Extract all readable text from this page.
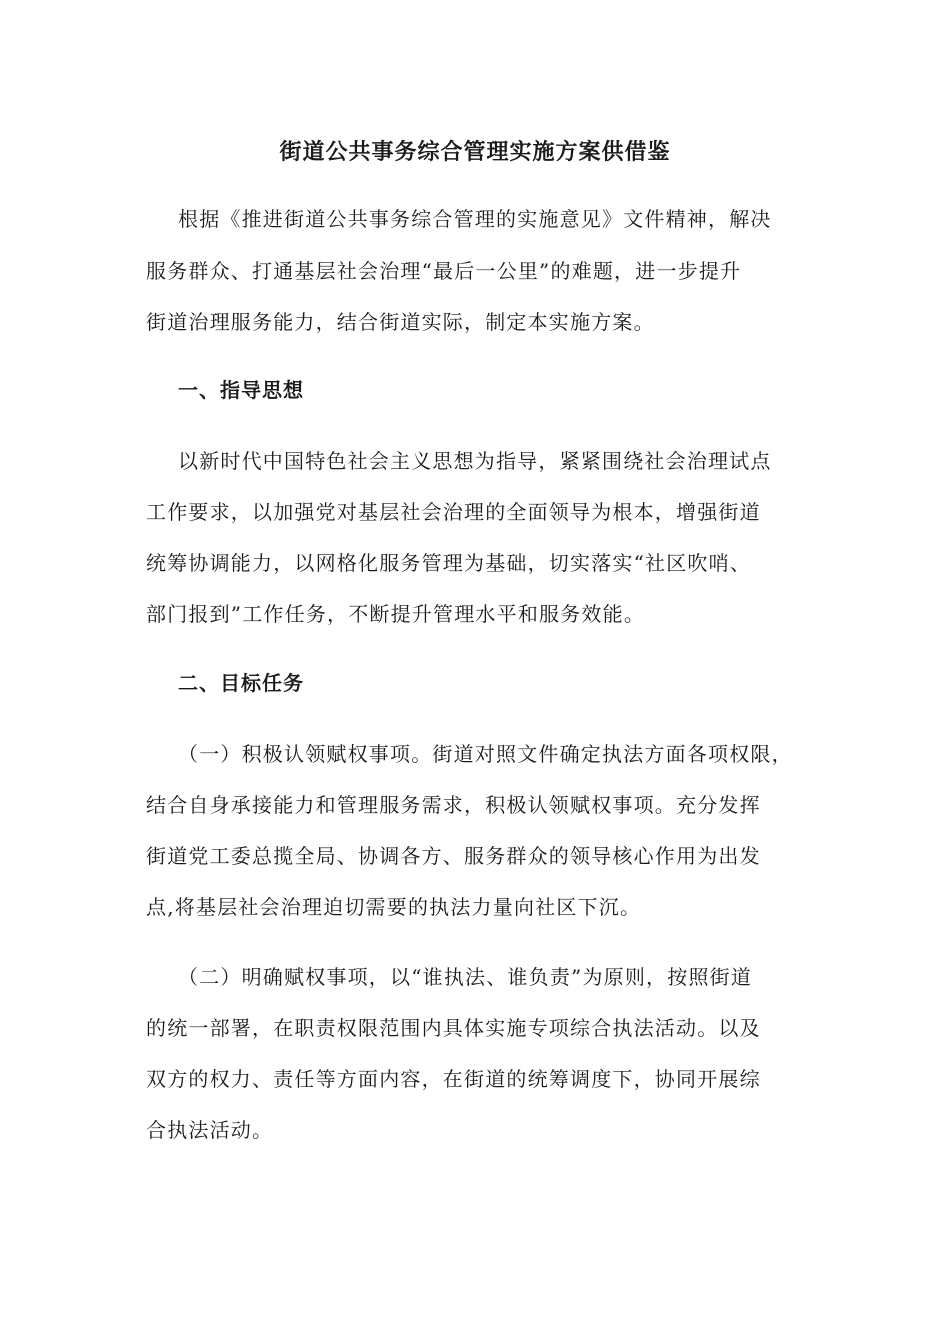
街道公共事务综合管理实施方案供借鉴

根据《推进街道公共事务综合管理的实施意见》文件精神，解决

服务群众、打通基层社会治理“最后一公里”的难题，进一步提升

街道治理服务能力，结合街道实际，制定本实施方案。

一、指导思想

以新时代中国特色社会主义思想为指导，紧紧围绕社会治理试点

工作要求，以加强党对基层社会治理的全面领导为根本，增强街道

统筹协调能力，以网格化服务管理为基础，切实落实“社区吹哨、

部门报到”工作任务，不断提升管理水平和服务效能。

二、目标任务

（一）积极认领赋权事项。街道对照文件确定执法方面各项权限，

结合自身承接能力和管理服务需求，积极认领赋权事项。充分发挥

街道党工委总揽全局、协调各方、服务群众的领导核心作用为出发

点,将基层社会治理迫切需要的执法力量向社区下沉。

（二）明确赋权事项，以“谁执法、谁负责”为原则，按照街道

的统一部署，在职责权限范围内具体实施专项综合执法活动。以及

双方的权力、责任等方面内容，在街道的统筹调度下，协同开展综

合执法活动。
